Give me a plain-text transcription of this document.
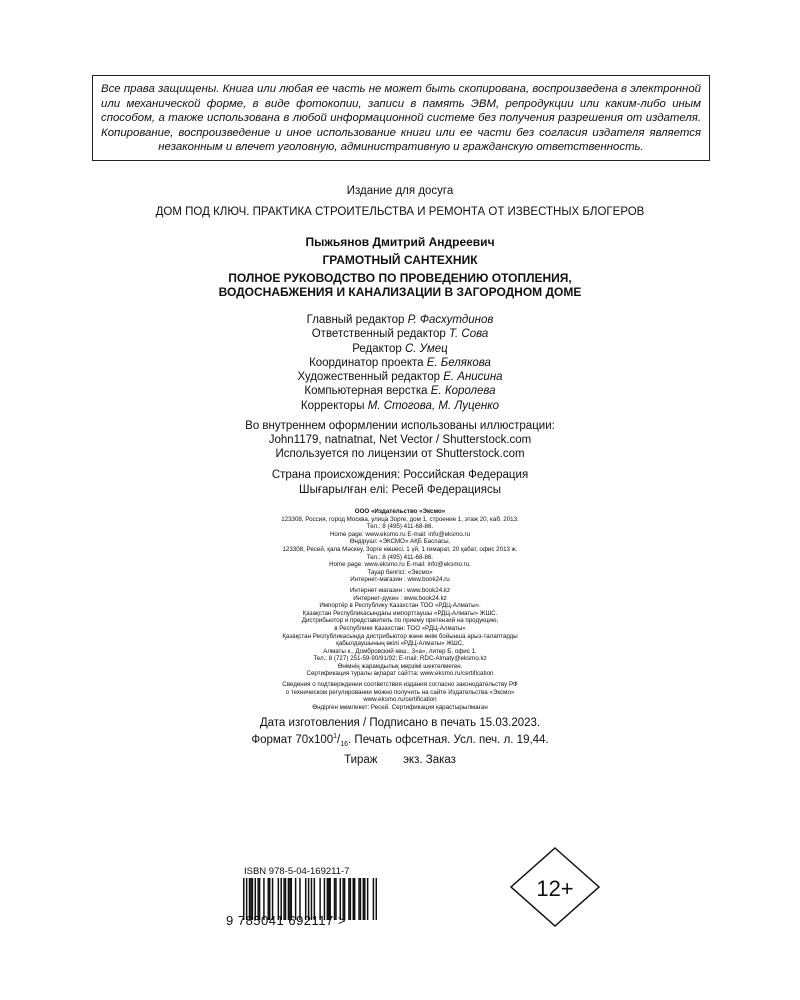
Все права защищены. Книга или любая ее часть не может быть скопирована, воспроизведена в электронной или механической форме, в виде фотокопии, записи в память ЭВМ, репродукции или каким-либо иным способом, а также использована в любой информационной системе без получения разрешения от издателя. Копирование, воспроизведение и иное использование книги или ее части без согласия издателя является незаконным и влечет уголовную, административную и гражданскую ответственность.

Издание для досуга
ДОМ ПОД КЛЮЧ. ПРАКТИКА СТРОИТЕЛЬСТВА И РЕМОНТА ОТ ИЗВЕСТНЫХ БЛОГЕРОВ
Пыжьянов Дмитрий Андреевич
ГРАМОТНЫЙ САНТЕХНИК
ПОЛНОЕ РУКОВОДСТВО ПО ПРОВЕДЕНИЮ ОТОПЛЕНИЯ,
ВОДОСНАБЖЕНИЯ И КАНАЛИЗАЦИИ В ЗАГОРОДНОМ ДОМЕ
Главный редактор Р. Фасхутдинов
Ответственный редактор Т. Сова
Редактор С. Умец
Координатор проекта Е. Белякова
Художественный редактор Е. Анисина
Компьютерная верстка Е. Королева
Корректоры М. Стогова, М. Луценко
Во внутреннем оформлении использованы иллюстрации:
John1179, natnatnat, Net Vector / Shutterstock.com
Используется по лицензии от Shutterstock.com
Страна происхождения: Российская Федерация
Шығарылған елі: Ресей Федерациясы
ООО «Издательство «Эксмо»
123308, Россия, город Москва, улица Зорге, дом 1, строение 1, этаж 20, каб. 2013.
Тел.: 8 (495) 411-68-86.
Home page: www.eksmo.ru E-mail: info@eksmo.ru
Өндіруші: «ЭКСМО» АҚБ Баспасы,
123308, Ресей, қала Мәскеу, Зорге көшесі, 1 үй, 1 ғимарат, 20 қабат, офис 2013 ж.
Тел.: 8 (495) 411-68-86.
Home page: www.eksmo.ru E-mail: info@eksmo.ru.
Тауар белгісі: «Эксмо»
Интернет-магазин : www.book24.ru
Интернет-магазин : www.book24.kz
Интернет-дүкен : www.book24.kz
Импортёр в Республику Казахстан ТОО «РДЦ-Алматы».
Қазақстан Республикасындағы импорттаушы «РДЦ-Алматы» ЖШС.
Дистрибьютор и представитель по приему претензий на продукцию,
в Республике Казахстан: ТОО «РДЦ-Алматы»
Қазақстан Республикасында дистрибьютор және өнім бойынша арыз-талаптарды
қабылдаушының өкілі «РДЦ-Алматы» ЖШС,
Алматы к., Домбровский көш., 3«а», литер Б, офис 1.
Тел.: 8 (727) 251-59-90/91/92; E-mail: RDC-Almaty@eksmo.kz
Өнімнің жарамдылық мерзімі шектелмеген.
Сертификация туралы ақпарат сайтта: www.eksmo.ru/certification
Сведения о подтверждении соответствия издания согласно законодательству РФ
о техническом регулировании можно получить на сайте Издательства «Эксмо»
www.eksmo.ru/certification
Өндірген мемлекет: Ресей. Сертификация қарастырылмаған
Дата изготовления / Подписано в печать 15.03.2023.
Формат $70x100^1/_{16}$. Печать офсетная. Усл. печ. л. 19,44.
Тираж экз. Заказ
ISBN 978-5-04-169211-7
9 785041 692117 >
12+
